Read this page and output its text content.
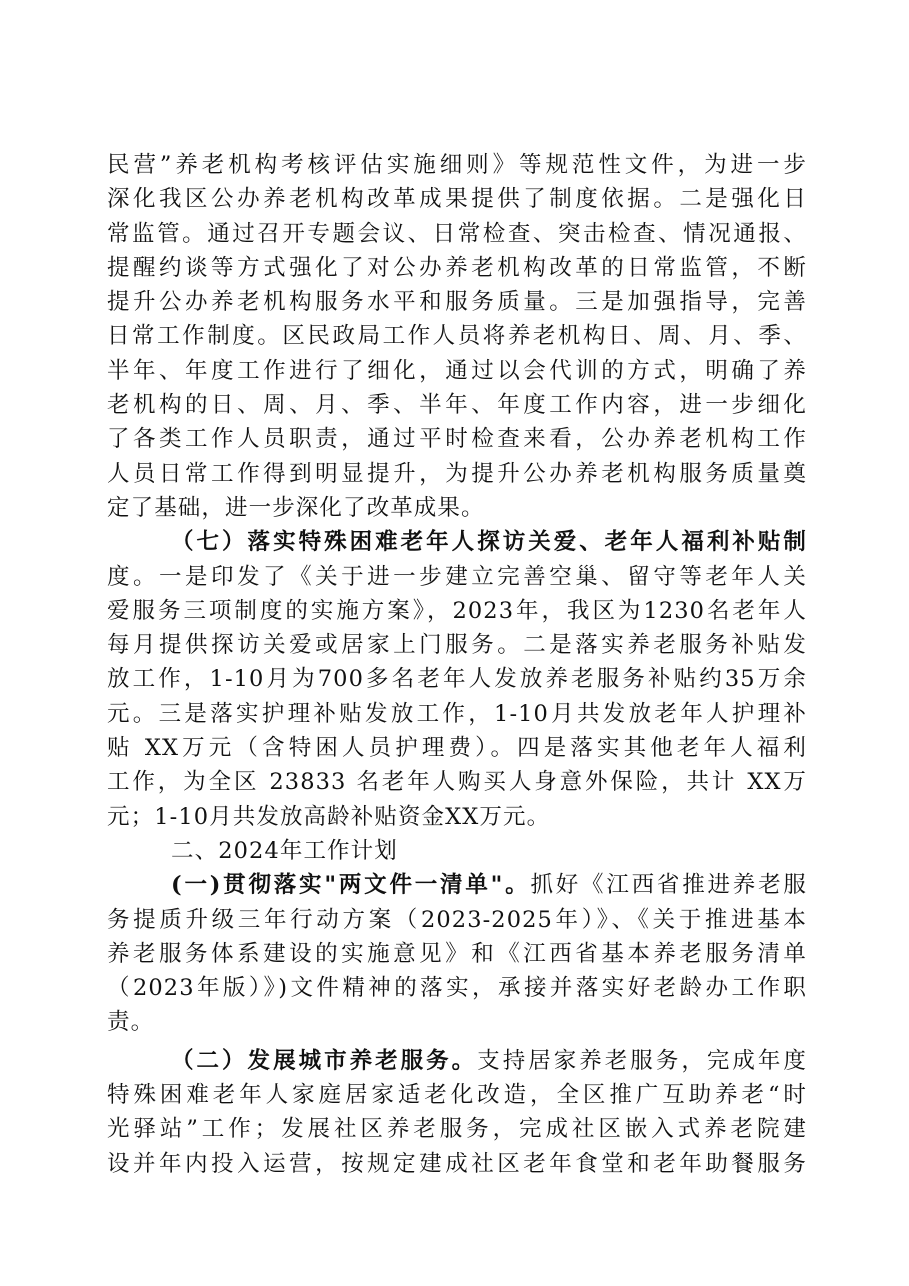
民营”养老机构考核评估实施细则》等规范性文件，为进一步
深化我区公办养老机构改革成果提供了制度依据。二是强化日
常监管。通过召开专题会议、日常检查、突击检查、情况通报、
提醒约谈等方式强化了对公办养老机构改革的日常监管，不断
提升公办养老机构服务水平和服务质量。三是加强指导，完善
日常工作制度。区民政局工作人员将养老机构日、周、月、季、
半年、年度工作进行了细化，通过以会代训的方式，明确了养
老机构的日、周、月、季、半年、年度工作内容，进一步细化
了各类工作人员职责，通过平时检查来看，公办养老机构工作
人员日常工作得到明显提升，为提升公办养老机构服务质量奠
定了基础，进一步深化了改革成果。
（七）落实特殊困难老年人探访关爱、老年人福利补贴制
度。一是印发了《关于进一步建立完善空巢、留守等老年人关
爱服务三项制度的实施方案》，2023年，我区为1230名老年人
每月提供探访关爱或居家上门服务。二是落实养老服务补贴发
放工作，1-10月为700多名老年人发放养老服务补贴约35万余
元。三是落实护理补贴发放工作，1-10月共发放老年人护理补
贴 XX万元（含特困人员护理费）。四是落实其他老年人福利
工作，为全区 23833 名老年人购买人身意外保险，共计 XX万
元；1-10月共发放高龄补贴资金XX万元。
二、2024年工作计划
(一)贯彻落实"两文件一清单"。抓好《江西省推进养老服
务提质升级三年行动方案（2023-2025年）》、《关于推进基本
养老服务体系建设的实施意见》和《江西省基本养老服务清单
（2023年版）》)文件精神的落实，承接并落实好老龄办工作职
责。
（二）发展城市养老服务。支持居家养老服务，完成年度
特殊困难老年人家庭居家适老化改造，全区推广互助养老“时
光驿站”工作；发展社区养老服务，完成社区嵌入式养老院建
设并年内投入运营，按规定建成社区老年食堂和老年助餐服务
